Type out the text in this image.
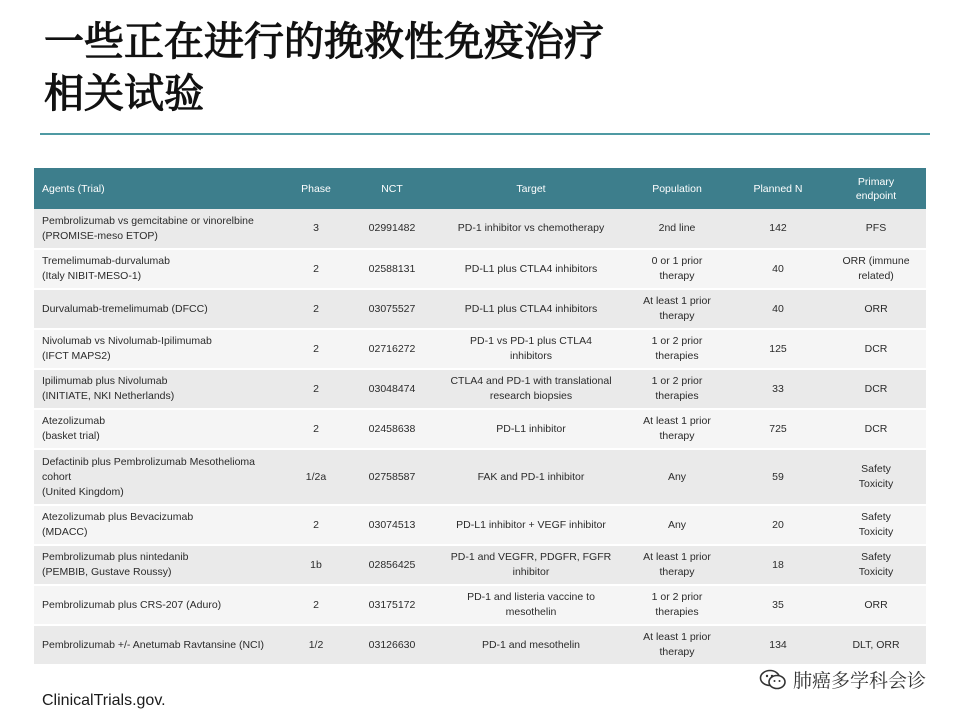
一些正在进行的挽救性免疫治疗
相关试验
Agents (Trial)	Phase	NCT	Target	Population	Planned N	Primary
endpoint

Pembrolizumab vs gemcitabine or vinorelbine
(PROMISE-meso ETOP)	3	02991482	PD-1 inhibitor vs chemotherapy	2nd line	142	PFS

Tremelimumab-durvalumab
(Italy NIBIT-MESO-1)	2	02588131	PD-L1 plus CTLA4 inhibitors	0 or 1 prior
therapy	40	ORR (immune
related)

Durvalumab-tremelimumab (DFCC)	2	03075527	PD-L1 plus CTLA4 inhibitors	At least 1 prior
therapy	40	ORR

Nivolumab vs Nivolumab-Ipilimumab
(IFCT MAPS2)	2	02716272	PD-1 vs PD-1 plus CTLA4
inhibitors	1 or 2 prior
therapies	125	DCR

Ipilimumab plus Nivolumab
(INITIATE, NKI Netherlands)	2	03048474	CTLA4 and PD-1 with translational
research biopsies	1 or 2 prior
therapies	33	DCR

Atezolizumab
(basket trial)	2	02458638	PD-L1 inhibitor	At least 1 prior
therapy	725	DCR

Defactinib plus Pembrolizumab Mesothelioma
cohort
(United Kingdom)	1/2a	02758587	FAK and PD-1 inhibitor	Any	59	Safety
Toxicity

Atezolizumab plus Bevacizumab
(MDACC)	2	03074513	PD-L1 inhibitor + VEGF inhibitor	Any	20	Safety
Toxicity

Pembrolizumab plus nintedanib
(PEMBIB, Gustave Roussy)	1b	02856425	PD-1 and VEGFR, PDGFR, FGFR
inhibitor	At least 1 prior
therapy	18	Safety
Toxicity

Pembrolizumab plus CRS-207 (Aduro)	2	03175172	PD-1 and listeria vaccine to
mesothelin	1 or 2 prior
therapies	35	ORR

Pembrolizumab +/- Anetumab Ravtansine (NCI)	1/2	03126630	PD-1 and mesothelin	At least 1 prior
therapy	134	DLT, ORR
ClinicalTrials.gov.
肺癌多学科会诊
